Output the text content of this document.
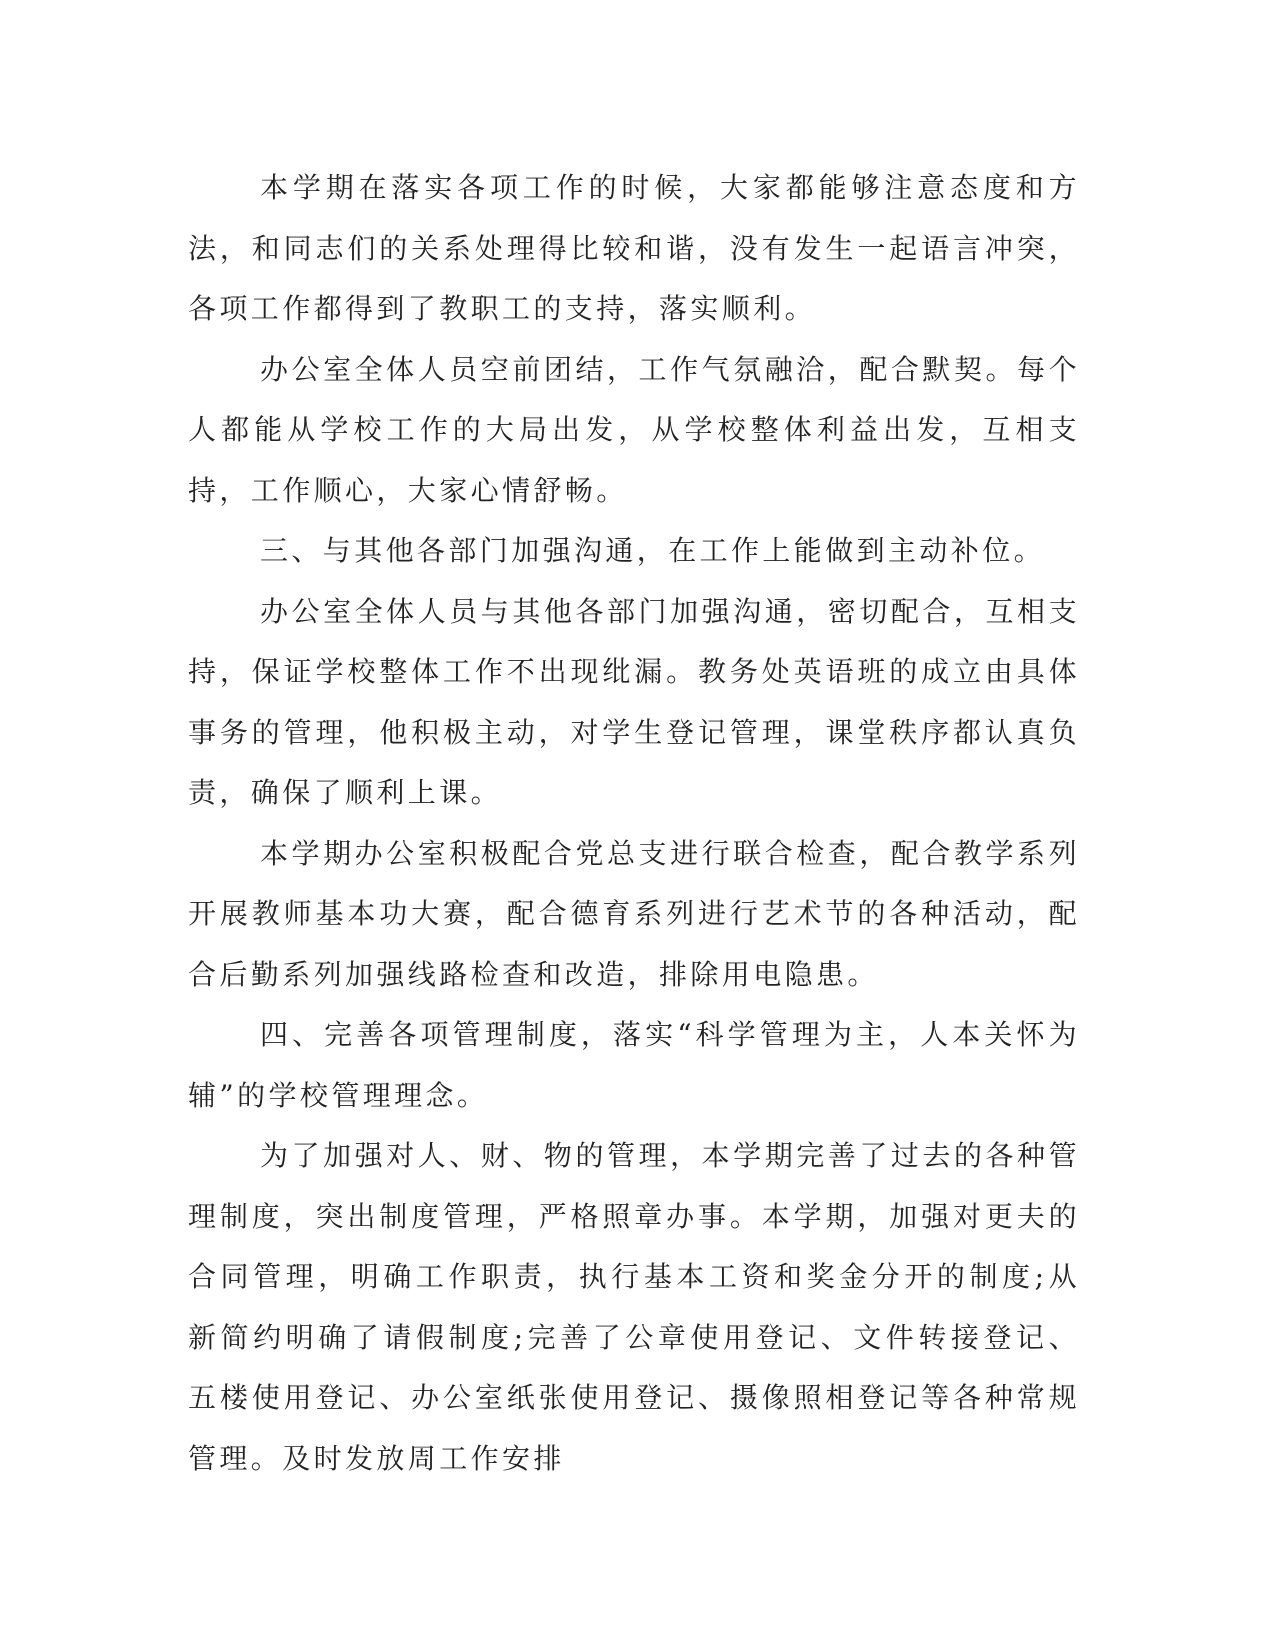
本学期在落实各项工作的时候，大家都能够注意态度和方法，和同志们的关系处理得比较和谐，没有发生一起语言冲突，各项工作都得到了教职工的支持，落实顺利。

办公室全体人员空前团结，工作气氛融洽，配合默契。每个人都能从学校工作的大局出发，从学校整体利益出发，互相支持，工作顺心，大家心情舒畅。

三、与其他各部门加强沟通，在工作上能做到主动补位。

办公室全体人员与其他各部门加强沟通，密切配合，互相支持，保证学校整体工作不出现纰漏。教务处英语班的成立由具体事务的管理，他积极主动，对学生登记管理，课堂秩序都认真负责，确保了顺利上课。

本学期办公室积极配合党总支进行联合检查，配合教学系列开展教师基本功大赛，配合德育系列进行艺术节的各种活动，配合后勤系列加强线路检查和改造，排除用电隐患。

四、完善各项管理制度，落实“科学管理为主，人本关怀为辅”的学校管理理念。

为了加强对人、财、物的管理，本学期完善了过去的各种管理制度，突出制度管理，严格照章办事。本学期，加强对更夫的合同管理，明确工作职责，执行基本工资和奖金分开的制度;从新简约明确了请假制度;完善了公章使用登记、文件转接登记、五楼使用登记、办公室纸张使用登记、摄像照相登记等各种常规管理。及时发放周工作安排
